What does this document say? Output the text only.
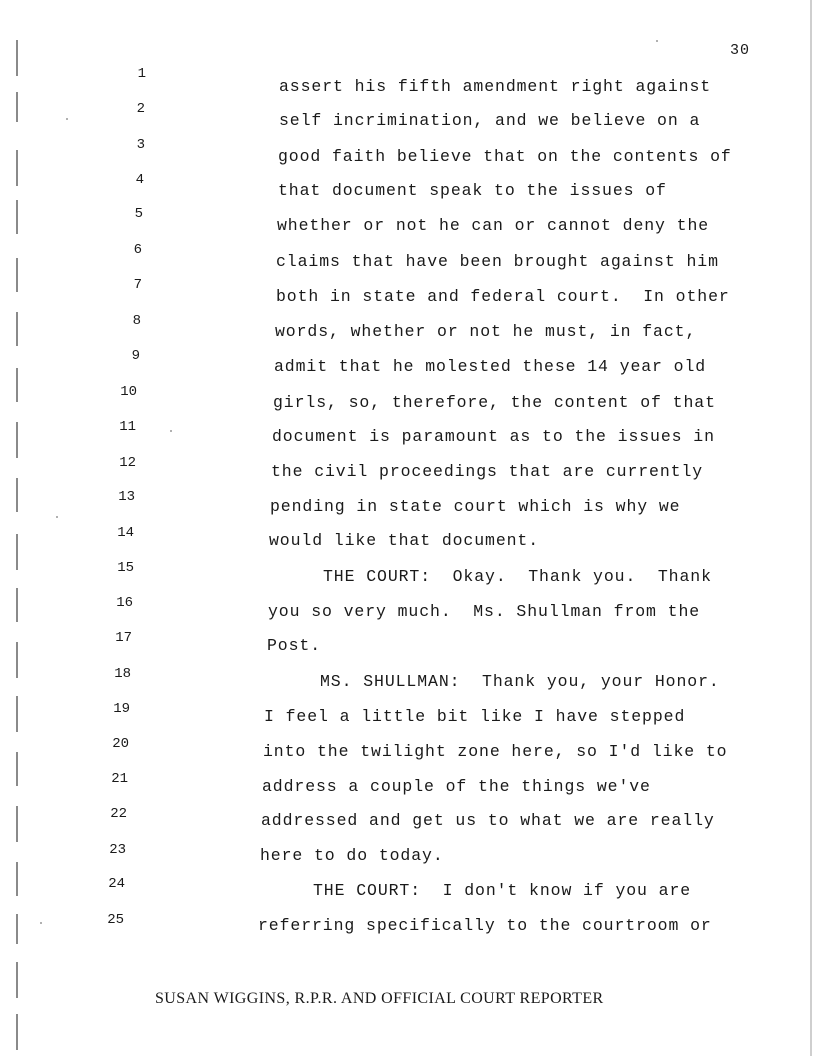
30
1
assert his fifth amendment right against
2
self incrimination, and we believe on a
3
good faith believe that on the contents of
4
that document speak to the issues of
5
whether or not he can or cannot deny the
6
claims that have been brought against him
7
both in state and federal court.  In other
8
words, whether or not he must, in fact,
9
admit that he molested these 14 year old
10
girls, so, therefore, the content of that
11	document is paramount as to the issues in
12	the civil proceedings that are currently
13	pending in state court which is why we
14	would like that document.
15	THE COURT:  Okay.  Thank you.  Thank
16	you so very much.  Ms. Shullman from the
17	Post.
18	MS. SHULLMAN:  Thank you, your Honor.
19	I feel a little bit like I have stepped
20	into the twilight zone here, so I'd like to
21	address a couple of the things we've
22	addressed and get us to what we are really
23	here to do today.
24	THE COURT:  I don't know if you are
25	referring specifically to the courtroom or
SUSAN WIGGINS, R.P.R. AND OFFICIAL COURT REPORTER
